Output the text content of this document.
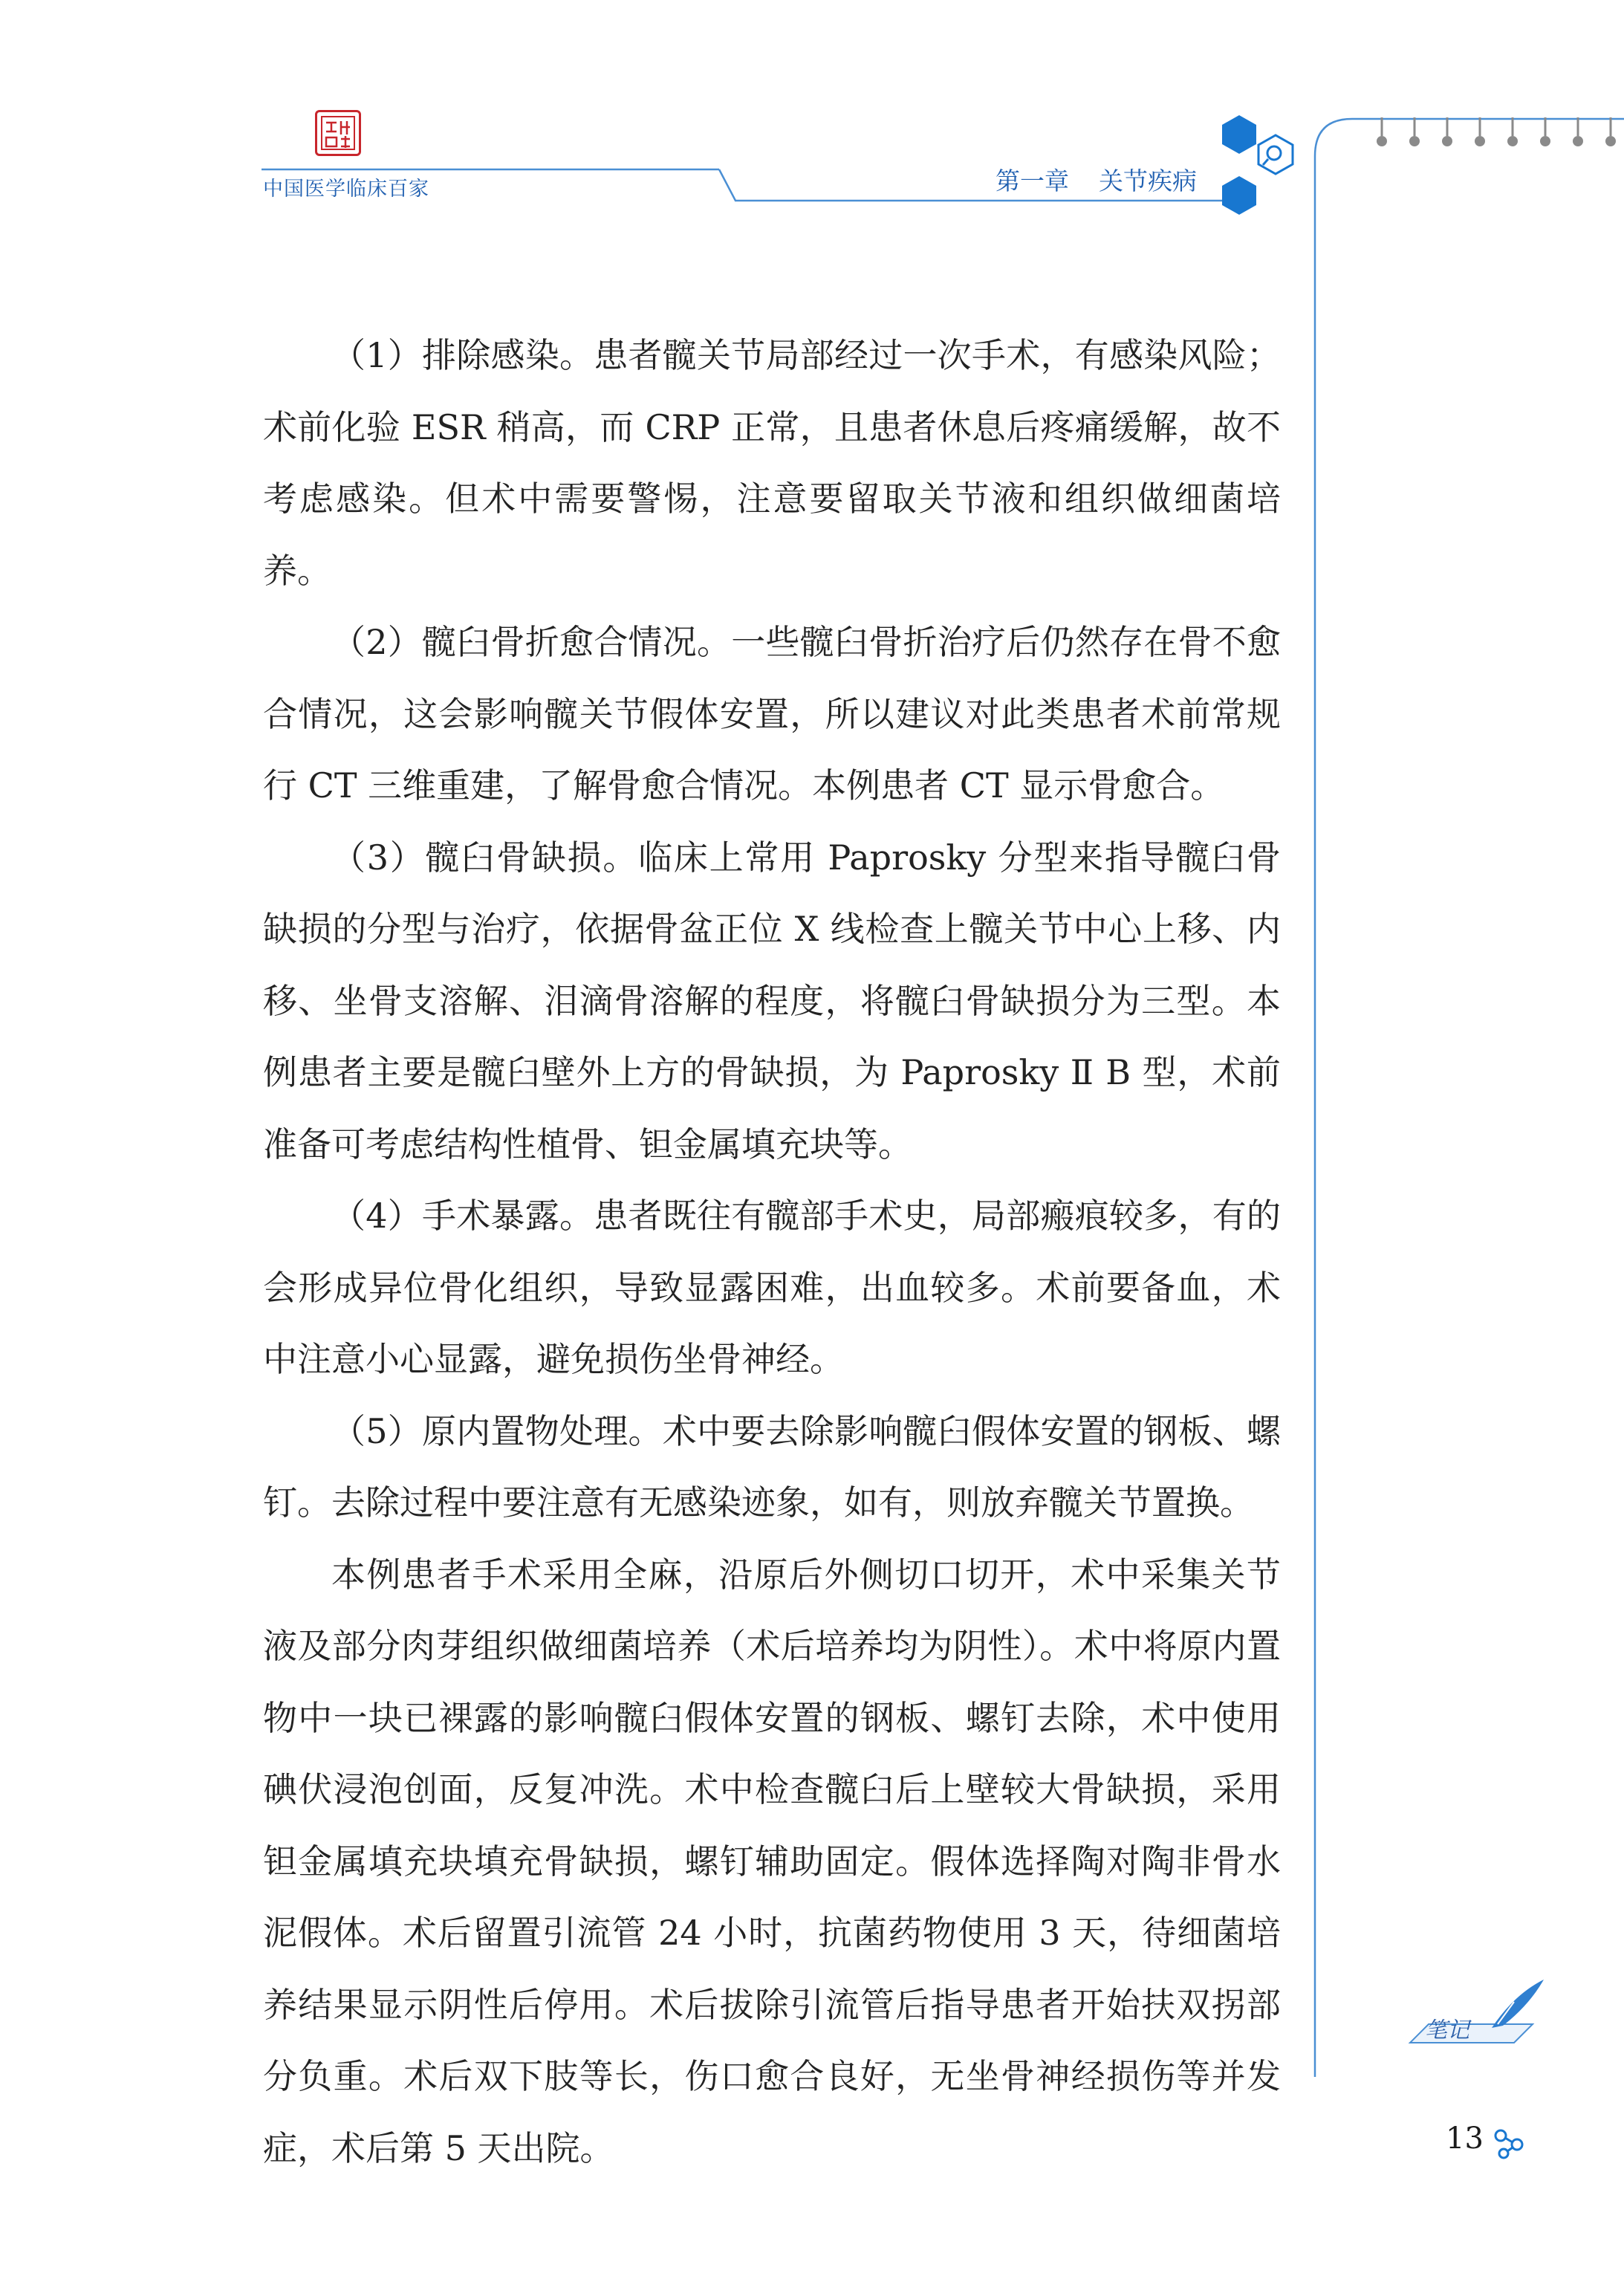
中国医学临床百家	第一章 关节疾病

（1）排除感染。患者髋关节局部经过一次手术，有感染风险；术前化验 ESR 稍高，而 CRP 正常，且患者休息后疼痛缓解，故不考虑感染。但术中需要警惕，注意要留取关节液和组织做细菌培养。

（2）髋臼骨折愈合情况。一些髋臼骨折治疗后仍然存在骨不愈合情况，这会影响髋关节假体安置，所以建议对此类患者术前常规行 CT 三维重建，了解骨愈合情况。本例患者 CT 显示骨愈合。

（3）髋臼骨缺损。临床上常用 Paprosky 分型来指导髋臼骨缺损的分型与治疗，依据骨盆正位 X 线检查上髋关节中心上移、内移、坐骨支溶解、泪滴骨溶解的程度，将髋臼骨缺损分为三型。本例患者主要是髋臼壁外上方的骨缺损，为 Paprosky Ⅱ B 型，术前准备可考虑结构性植骨、钽金属填充块等。

（4）手术暴露。患者既往有髋部手术史，局部瘢痕较多，有的会形成异位骨化组织，导致显露困难，出血较多。术前要备血，术中注意小心显露，避免损伤坐骨神经。

（5）原内置物处理。术中要去除影响髋臼假体安置的钢板、螺钉。去除过程中要注意有无感染迹象，如有，则放弃髋关节置换。

本例患者手术采用全麻，沿原后外侧切口切开，术中采集关节液及部分肉芽组织做细菌培养（术后培养均为阴性）。术中将原内置物中一块已裸露的影响髋臼假体安置的钢板、螺钉去除，术中使用碘伏浸泡创面，反复冲洗。术中检查髋臼后上壁较大骨缺损，采用钽金属填充块填充骨缺损，螺钉辅助固定。假体选择陶对陶非骨水泥假体。术后留置引流管 24 小时，抗菌药物使用 3 天，待细菌培养结果显示阴性后停用。术后拔除引流管后指导患者开始扶双拐部分负重。术后双下肢等长，伤口愈合良好，无坐骨神经损伤等并发症，术后第 5 天出院。

笔记
13
